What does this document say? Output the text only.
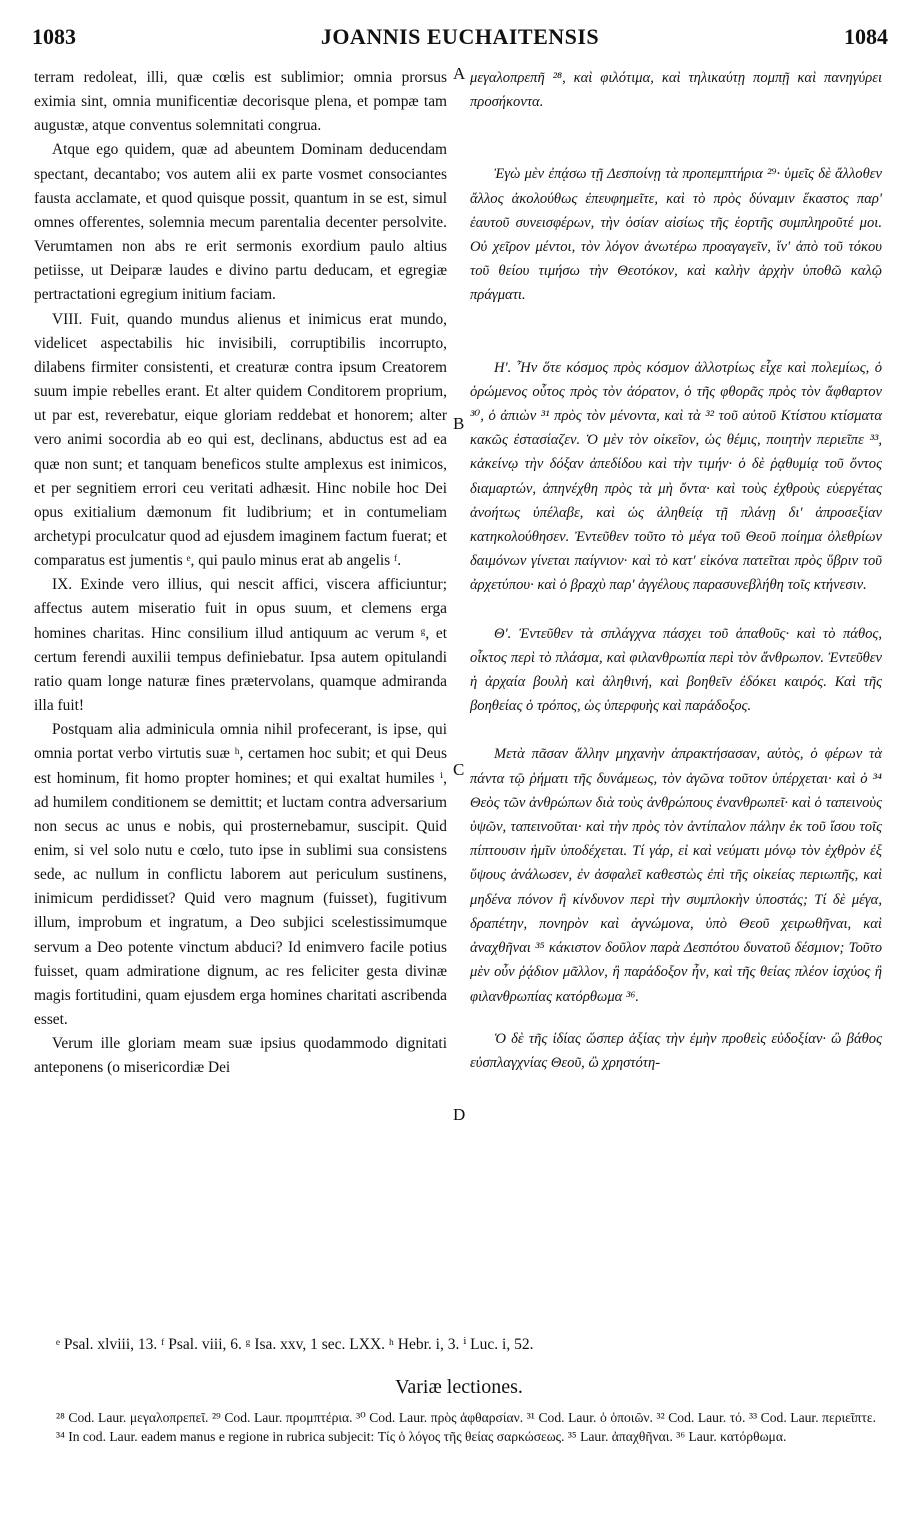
1083	JOANNIS EUCHAITENSIS	1084

terram redoleat, illi, quæ cœlis est sublimior; omnia prorsus eximia sint, omnia munificentiæ decorisque plena, et pompæ tam augustæ, atque conventus solemnitati congrua.

Atque ego quidem, quæ ad abeuntem Dominam deducendam spectant, decantabo; vos autem alii ex parte vosmet consociantes fausta acclamate, et quod quisque possit, quantum in se est, simul omnes offerentes, solemnia mecum parentalia decenter persolvite. Verumtamen non abs re erit sermonis exordium paulo altius petiisse, ut Deiparæ laudes e divino partu deducam, et egregiæ pertractationi egregium initium faciam.

VIII. Fuit, quando mundus alienus et inimicus erat mundo, videlicet aspectabilis hic invisibili, corruptibilis incorrupto, dilabens firmiter consistenti, et creaturæ contra ipsum Creatorem suum impie rebelles erant. Et alter quidem Conditorem proprium, ut par est, reverebatur, eique gloriam reddebat et honorem; alter vero animi socordia ab eo qui est, declinans, abductus est ad ea quæ non sunt; et tanquam beneficos stulte amplexus est inimicos, et per segnitiem errori ceu veritati adhæsit. Hinc nobile hoc Dei opus exitialium dæmonum fit ludibrium; et in contumeliam archetypi proculcatur quod ad ejusdem imaginem factum fuerat; et comparatus est jumentis ᵉ, qui paulo minus erat ab angelis ᶠ.

IX. Exinde vero illius, qui nescit affici, viscera afficiuntur; affectus autem miseratio fuit in opus suum, et clemens erga homines charitas. Hinc consilium illud antiquum ac verum ᵍ, et certum ferendi auxilii tempus definiebatur. Ipsa autem opitulandi ratio quam longe naturæ fines prætervolans, quamque admiranda illa fuit!

Postquam alia adminicula omnia nihil profecerant, is ipse, qui omnia portat verbo virtutis suæ ʰ, certamen hoc subit; et qui Deus est hominum, fit homo propter homines; et qui exaltat humiles ⁱ, ad humilem conditionem se demittit; et luctam contra adversarium non secus ac unus e nobis, qui prosternebamur, suscipit. Quid enim, si vel solo nutu e cœlo, tuto ipse in sublimi sua consistens sede, ac nullum in conflictu laborem aut periculum sustinens, inimicum perdidisset? Quid vero magnum (fuisset), fugitivum illum, improbum et ingratum, a Deo subjici scelestissimumque servum a Deo potente vinctum abduci? Id enimvero facile potius fuisset, quam admiratione dignum, ac res feliciter gesta divinæ magis fortitudini, quam ejusdem erga homines charitati ascribenda esset.

Verum ille gloriam meam suæ ipsius quodammodo dignitati anteponens (o misericordiæ Dei

A
B
C
D

μεγαλοπρεπῆ ²⁸, καὶ φιλότιμα, καὶ τηλικαύτῃ πομπῇ καὶ πανηγύρει προσήκοντα.

Ἐγὼ μὲν ἐπᾴσω τῇ Δεσποίνῃ τὰ προπεμπτήρια ²⁹· ὑμεῖς δὲ ἄλλοθεν ἄλλος ἀκολούθως ἐπευφημεῖτε, καὶ τὸ πρὸς δύναμιν ἕκαστος παρ' ἑαυτοῦ συνεισφέρων, τὴν ὁσίαν αἰσίως τῆς ἑορτῆς συμπληροῦτέ μοι. Οὐ χεῖρον μέντοι, τὸν λόγον ἀνωτέρω προαγαγεῖν, ἵν' ἀπὸ τοῦ τόκου τοῦ θείου τιμήσω τὴν Θεοτόκον, καὶ καλὴν ἀρχὴν ὑποθῶ καλῷ πράγματι.

Η'. Ἦν ὅτε κόσμος πρὸς κόσμον ἀλλοτρίως εἶχε καὶ πολεμίως, ὁ ὁρώμενος οὗτος πρὸς τὸν ἀόρατον, ὁ τῆς φθορᾶς πρὸς τὸν ἄφθαρτον ³⁰, ὁ ἀπιὼν ³¹ πρὸς τὸν μένοντα, καὶ τὰ ³² τοῦ αὐτοῦ Κτίστου κτίσματα κακῶς ἐστασίαζεν. Ὁ μὲν τὸν οἰκεῖον, ὡς θέμις, ποιητὴν περιεῖπε ³³, κἀκείνῳ τὴν δόξαν ἀπεδίδου καὶ τὴν τιμήν· ὁ δὲ ῥᾳθυμίᾳ τοῦ ὄντος διαμαρτών, ἀπηνέχθη πρὸς τὰ μὴ ὄντα· καὶ τοὺς ἐχθροὺς εὐεργέτας ἀνοήτως ὑπέλαβε, καὶ ὡς ἀληθείᾳ τῇ πλάνῃ δι' ἀπροσεξίαν κατηκολούθησεν. Ἐντεῦθεν τοῦτο τὸ μέγα τοῦ Θεοῦ ποίημα ὀλεθρίων δαιμόνων γίνεται παίγνιον· καὶ τὸ κατ' εἰκόνα πατεῖται πρὸς ὕβριν τοῦ ἀρχετύπου· καὶ ὁ βραχὺ παρ' ἀγγέλους παρασυνεβλήθη τοῖς κτήνεσιν.

Θ'. Ἐντεῦθεν τὰ σπλάγχνα πάσχει τοῦ ἀπαθοῦς· καὶ τὸ πάθος, οἶκτος περὶ τὸ πλάσμα, καὶ φιλανθρωπία περὶ τὸν ἄνθρωπον. Ἐντεῦθεν ἡ ἀρχαία βουλὴ καὶ ἀληθινή, καὶ βοηθεῖν ἐδόκει καιρός. Καὶ τῆς βοηθείας ὁ τρόπος, ὡς ὑπερφυὴς καὶ παράδοξος.

Μετὰ πᾶσαν ἄλλην μηχανὴν ἀπρακτήσασαν, αὐτὸς, ὁ φέρων τὰ πάντα τῷ ῥήματι τῆς δυνάμεως, τὸν ἀγῶνα τοῦτον ὑπέρχεται· καὶ ὁ ³⁴ Θεὸς τῶν ἀνθρώπων διὰ τοὺς ἀνθρώπους ἐνανθρωπεῖ· καὶ ὁ ταπεινοὺς ὑψῶν, ταπεινοῦται· καὶ τὴν πρὸς τὸν ἀντίπαλον πάλην ἐκ τοῦ ἴσου τοῖς πίπτουσιν ἡμῖν ὑποδέχεται. Τί γάρ, εἰ καὶ νεύματι μόνῳ τὸν ἐχθρὸν ἐξ ὕψους ἀνάλωσεν, ἐν ἀσφαλεῖ καθεστὼς ἐπὶ τῆς οἰκείας περιωπῆς, καὶ μηδένα πόνον ἢ κίνδυνον περὶ τὴν συμπλοκὴν ὑποστάς; Τί δὲ μέγα, δραπέτην, πονηρὸν καὶ ἀγνώμονα, ὑπὸ Θεοῦ χειρωθῆναι, καὶ ἀναχθῆναι ³⁵ κάκιστον δοῦλον παρὰ Δεσπότου δυνατοῦ δέσμιον; Τοῦτο μὲν οὖν ῥᾴδιον μᾶλλον, ἢ παράδοξον ἦν, καὶ τῆς θείας πλέον ἰσχύος ἢ φιλανθρωπίας κατόρθωμα ³⁶.

Ὁ δὲ τῆς ἰδίας ὥσπερ ἀξίας τὴν ἐμὴν προθεὶς εὐδοξίαν· ὢ βάθος εὐσπλαγχνίας Θεοῦ, ὢ χρηστότη-

ᵉ Psal. xlviii, 13. ᶠ Psal. viii, 6. ᵍ Isa. xxv, 1 sec. LXX. ʰ Hebr. i, 3. ⁱ Luc. i, 52.
Variæ lectiones.
²⁸ Cod. Laur. μεγαλοπρεπεῖ. ²⁹ Cod. Laur. προμπτέρια. ³⁰ Cod. Laur. πρὸς ἀφθαρσίαν. ³¹ Cod. Laur. ὁ ὁποιῶν. ³² Cod. Laur. τό. ³³ Cod. Laur. περιεῖπτε. ³⁴ In cod. Laur. eadem manus e regione in rubrica subjecit: Τίς ὁ λόγος τῆς θείας σαρκώσεως. ³⁵ Laur. ἀπαχθῆναι. ³⁶ Laur. κατόρθωμα.
